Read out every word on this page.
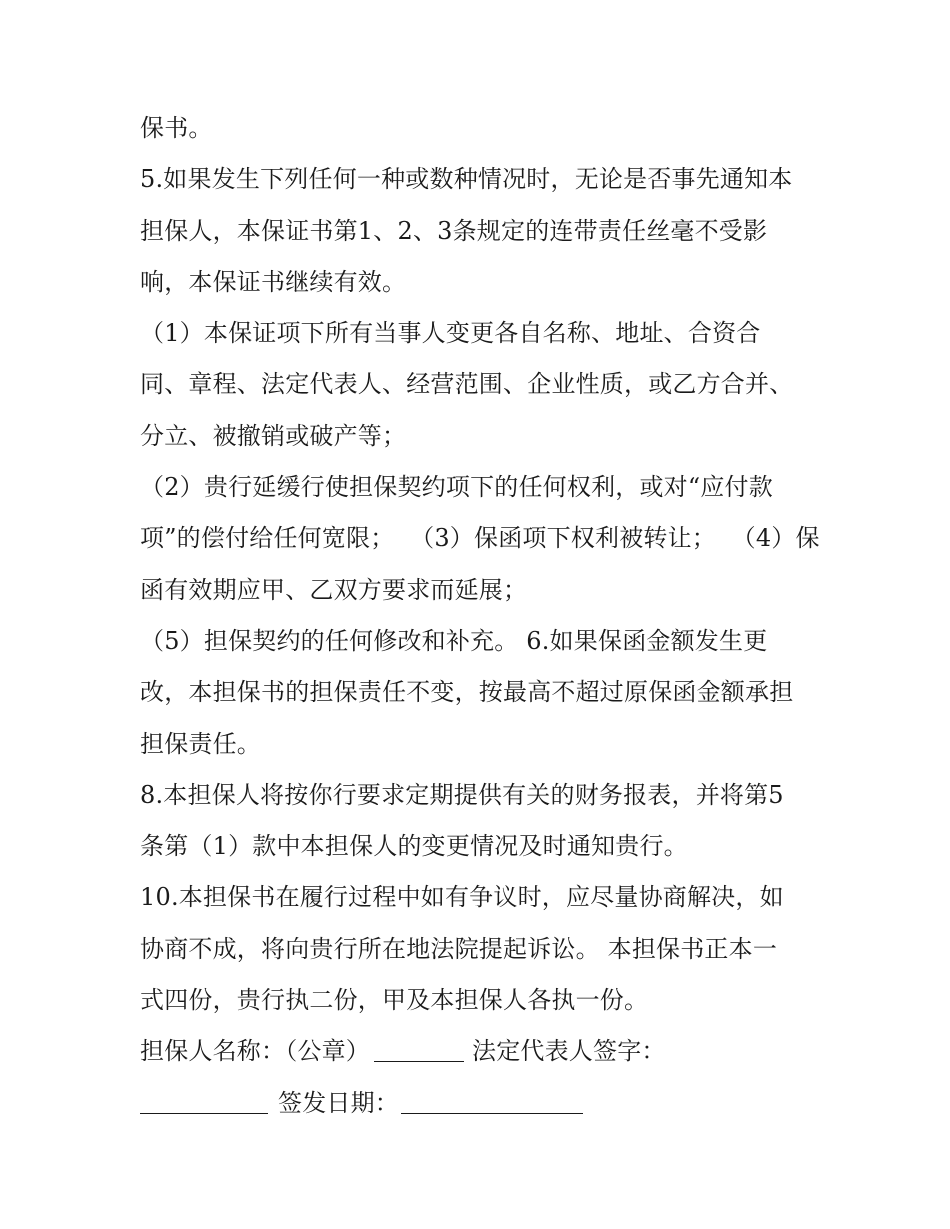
保书。
5.如果发生下列任何一种或数种情况时，无论是否事先通知本
担保人，本保证书第1、2、3条规定的连带责任丝毫不受影
响，本保证书继续有效。
（1）本保证项下所有当事人变更各自名称、地址、合资合
同、章程、法定代表人、经营范围、企业性质，或乙方合并、
分立、被撤销或破产等；
（2）贵行延缓行使担保契约项下的任何权利，或对“应付款
项”的偿付给任何宽限；  （3）保函项下权利被转让；  （4）保
函有效期应甲、乙双方要求而延展；
（5）担保契约的任何修改和补充。 6.如果保函金额发生更
改，本担保书的担保责任不变，按最高不超过原保函金额承担
担保责任。
8.本担保人将按你行要求定期提供有关的财务报表，并将第5
条第（1）款中本担保人的变更情况及时通知贵行。
10.本担保书在履行过程中如有争议时，应尽量协商解决，如
协商不成，将向贵行所在地法院提起诉讼。 本担保书正本一
式四份，贵行执二份，甲及本担保人各执一份。
担保人名称：（公章）	法定代表人签字：
签发日期：
